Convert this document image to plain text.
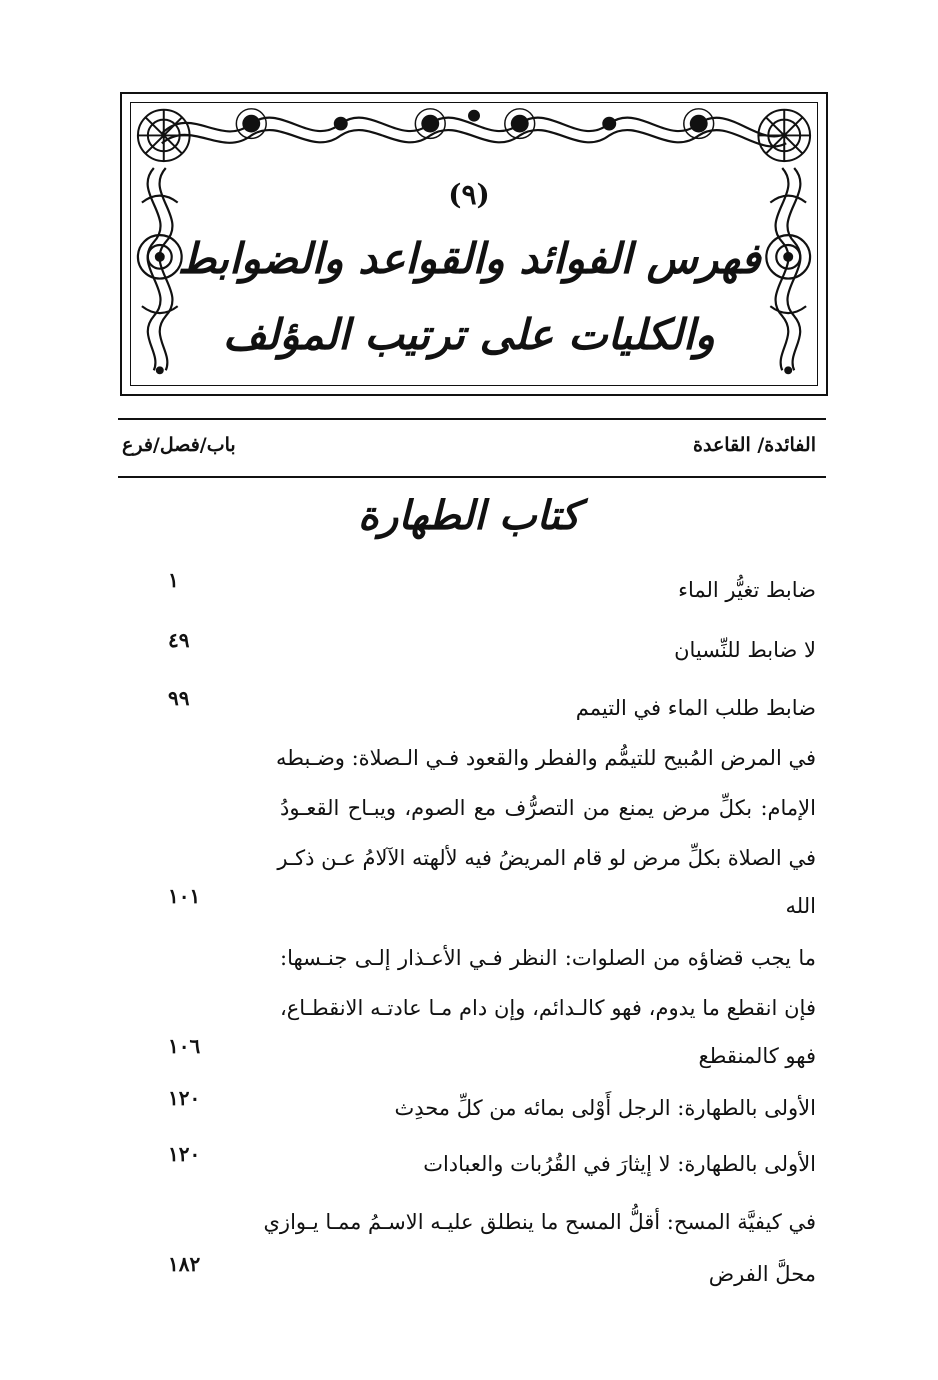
(٩)
فهرس الفوائد والقواعد والضوابط
والكليات على ترتيب المؤلف
الفائدة/ القاعدة
باب/فصل/فرع
كتاب الطهارة
ضابط تغيُّر الماء
١
لا ضابط للنِّسيان
٤٩
ضابط طلب الماء في التيمم
٩٩
في المرض المُبيح للتيمُّم والفطر والقعود فـي الـصلاة: وضـبطه
الإمام: بكلِّ مرض يمنع من التصرُّف مع الصوم، ويبـاح القعـودُ
في الصلاة بكلِّ مرض لو قام المريضُ فيه لألهته الآلامُ عـن ذكـر
الله
١٠١
ما يجب قضاؤه من الصلوات: النظر فـي الأعـذار إلـى جنـسها:
فإن انقطع ما يدوم، فهو كالـدائم، وإن دام مـا عادتـه الانقطـاع،
فهو كالمنقطع
١٠٦
الأولى بالطهارة: الرجل أَوْلى بمائه من كلِّ محدِث
١٢٠
الأولى بالطهارة: لا إيثارَ في القُرُبات والعبادات
١٢٠
في كيفيَّة المسح: أقلُّ المسح ما ينطلق عليـه الاسـمُ ممـا يـوازي
محلَّ الفرض
١٨٢
